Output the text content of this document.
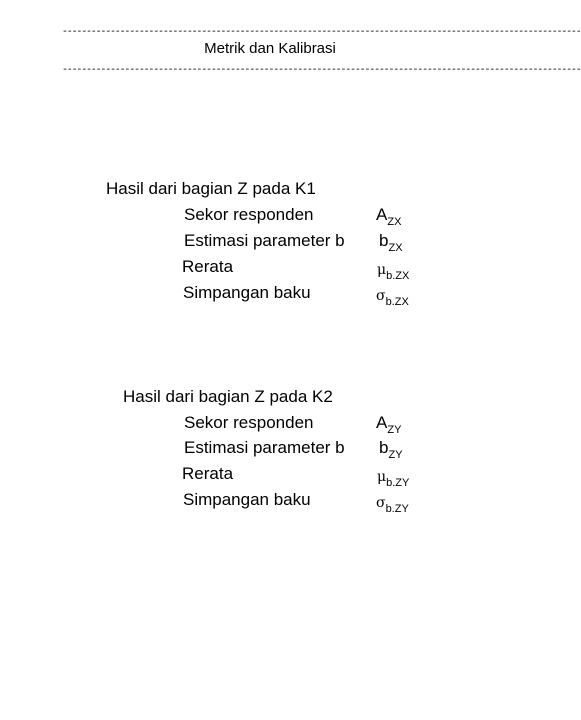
------------------------------------------------------------------------------------------------------------
Metrik dan Kalibrasi
------------------------------------------------------------------------------------------------------------
Hasil dari bagian Z pada K1
Sekor responden	$A_{ZX}$
Estimasi parameter b $b_{ZX}$
Rerata	$\mu_{b.ZX}$
Simpangan baku	$\sigma_{b.ZX}$
Hasil dari bagian Z pada K2
Sekor responden	$A_{ZY}$
Estimasi parameter b $b_{ZY}$
Rerata	$\mu_{b.ZY}$
Simpangan baku	$\sigma_{b.ZY}$
